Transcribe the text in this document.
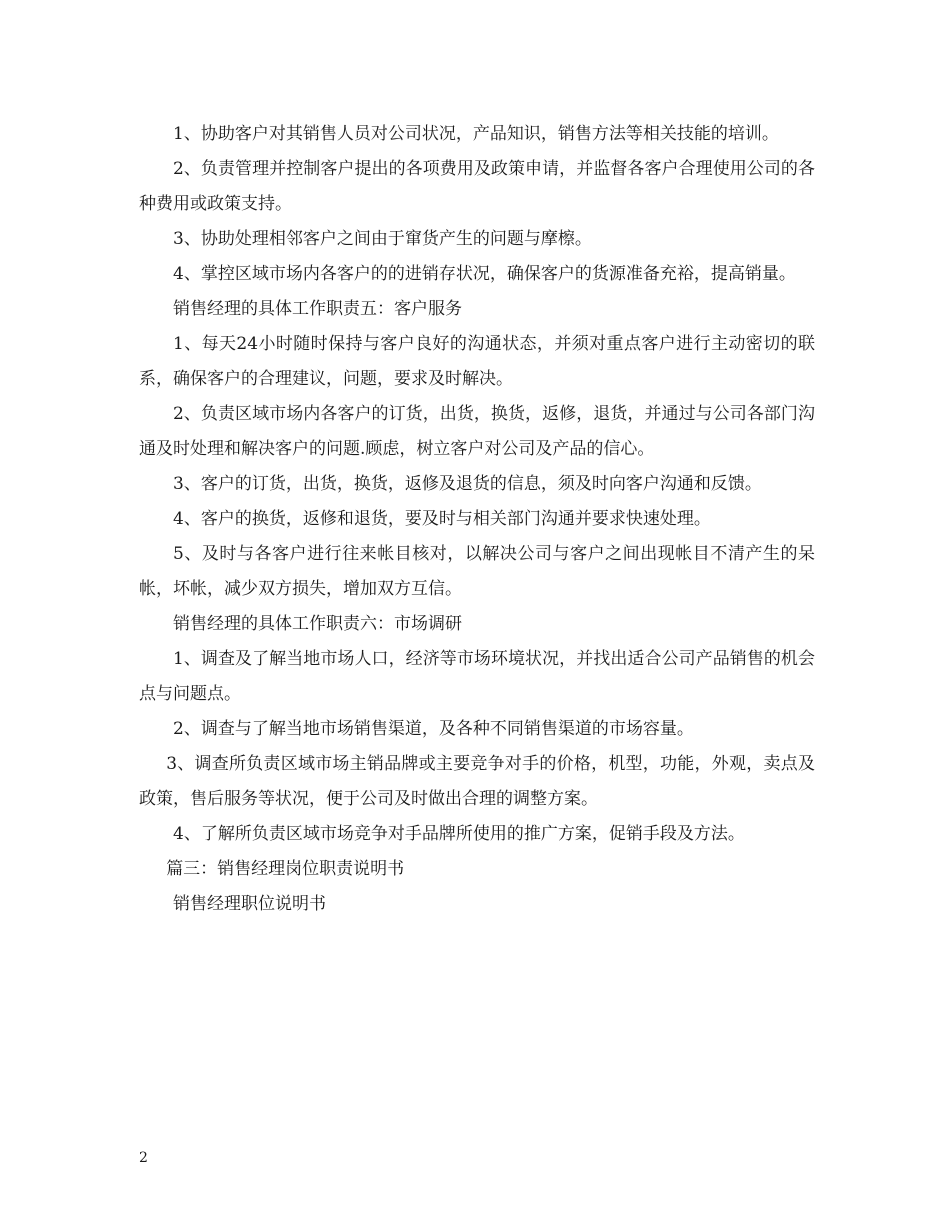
1、协助客户对其销售人员对公司状况，产品知识，销售方法等相关技能的培训。

2、负责管理并控制客户提出的各项费用及政策申请，并监督各客户合理使用公司的各种费用或政策支持。

3、协助处理相邻客户之间由于窜货产生的问题与摩檫。

4、掌控区域市场内各客户的的进销存状况，确保客户的货源准备充裕，提高销量。

销售经理的具体工作职责五：客户服务

1、每天24小时随时保持与客户良好的沟通状态，并须对重点客户进行主动密切的联系，确保客户的合理建议，问题，要求及时解决。

2、负责区域市场内各客户的订货，出货，换货，返修，退货，并通过与公司各部门沟通及时处理和解决客户的问题.顾虑，树立客户对公司及产品的信心。

3、客户的订货，出货，换货，返修及退货的信息，须及时向客户沟通和反馈。

4、客户的换货，返修和退货，要及时与相关部门沟通并要求快速处理。

5、及时与各客户进行往来帐目核对，以解决公司与客户之间出现帐目不清产生的呆帐，坏帐，减少双方损失，增加双方互信。

销售经理的具体工作职责六：市场调研

1、调查及了解当地市场人口，经济等市场环境状况，并找出适合公司产品销售的机会点与问题点。

2、调查与了解当地市场销售渠道，及各种不同销售渠道的市场容量。

3、调查所负责区域市场主销品牌或主要竞争对手的价格，机型，功能，外观，卖点及政策，售后服务等状况，便于公司及时做出合理的调整方案。

4、了解所负责区域市场竞争对手品牌所使用的推广方案，促销手段及方法。

篇三：销售经理岗位职责说明书

销售经理职位说明书

2
